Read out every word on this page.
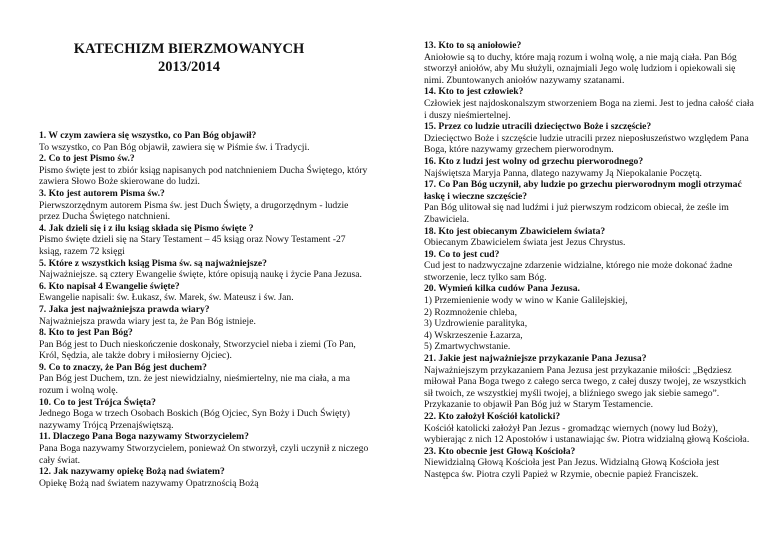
KATECHIZM BIERZMOWANYCH
2013/2014
1. W czym zawiera się wszystko, co Pan Bóg objawił?
To wszystko, co Pan Bóg objawił, zawiera się w Piśmie św. i Tradycji.
2. Co to jest Pismo św.?
Pismo święte jest to zbiór ksiąg napisanych pod natchnieniem Ducha Świętego, który zawiera Słowo Boże skierowane do ludzi.
3. Kto jest autorem Pisma św.?
Pierwszorzędnym autorem Pisma św. jest Duch Święty, a drugorzędnym - ludzie przez Ducha Świętego natchnieni.
4. Jak dzieli się i z ilu ksiąg składa się Pismo święte ?
Pismo święte dzieli się na Stary Testament – 45 ksiąg oraz Nowy Testament -27 ksiąg, razem 72 księgi
5. Które z wszystkich ksiąg Pisma św. są najważniejsze?
Najważniejsze. są cztery Ewangelie święte, które opisują naukę i życie Pana Jezusa.
6. Kto napisał 4 Ewangelie święte?
Ewangelie napisali: św. Łukasz, św. Marek, św. Mateusz i św. Jan.
7. Jaka jest najważniejsza prawda wiary?
Najważniejsza prawda wiary jest ta, że Pan Bóg istnieje.
8. Kto to jest Pan Bóg?
Pan Bóg jest to Duch nieskończenie doskonały, Stworzyciel nieba i ziemi (To Pan, Król, Sędzia, ale także dobry i miłosierny Ojciec).
9. Co to znaczy, że Pan Bóg jest duchem?
Pan Bóg jest Duchem, tzn. że jest niewidzialny, nieśmiertelny, nie ma ciała, a ma rozum i wolną wolę.
10. Co to jest Trójca Święta?
Jednego Boga w trzech Osobach Boskich (Bóg Ojciec, Syn Boży i Duch Święty) nazywamy Trójcą Przenajświętszą.
11. Dlaczego Pana Boga nazywamy Stworzycielem?
Pana Boga nazywamy Stworzycielem, ponieważ On stworzył, czyli uczynił z niczego cały świat.
12. Jak nazywamy opiekę Bożą nad światem?
Opiekę Bożą nad światem nazywamy Opatrznością Bożą
13. Kto to są aniołowie?
Aniołowie są to duchy, które mają rozum i wolną wolę, a nie mają ciała. Pan Bóg stworzył aniołów, aby Mu służyli, oznajmiali Jego wolę ludziom i opiekowali się nimi. Zbuntowanych aniołów nazywamy szatanami.
14. Kto to jest człowiek?
Człowiek jest najdoskonalszym stworzeniem Boga na ziemi. Jest to jedna całość ciała i duszy nieśmiertelnej.
15. Przez co ludzie utracili dziecięctwo Boże i szczęście?
Dziecięctwo Boże i szczęście ludzie utracili przez nieposłuszeństwo względem Pana Boga, które nazywamy grzechem pierworodnym.
16. Kto z ludzi jest wolny od grzechu pierworodnego?
Najświętsza Maryja Panna, dlatego nazywamy Ją Niepokalanie Poczętą.
17. Co Pan Bóg uczynił, aby ludzie po grzechu pierworodnym mogli otrzymać łaskę i wieczne szczęście?
Pan Bóg ulitował się nad ludźmi i już pierwszym rodzicom obiecał, że ześle im Zbawiciela.
18. Kto jest obiecanym Zbawicielem świata?
Obiecanym Zbawicielem świata jest Jezus Chrystus.
19. Co to jest cud?
Cud jest to nadzwyczajne zdarzenie widzialne, którego nie może dokonać żadne stworzenie, lecz tylko sam Bóg.
20. Wymień kilka cudów Pana Jezusa.
1) Przemienienie wody w wino w Kanie Galilejskiej,
2) Rozmnożenie chleba,
3) Uzdrowienie paralityka,
4) Wskrzeszenie Łazarza,
5) Zmartwychwstanie.
21. Jakie jest najważniejsze przykazanie Pana Jezusa?
Najważniejszym przykazaniem Pana Jezusa jest przykazanie miłości: „Będziesz miłował Pana Boga twego z całego serca twego, z całej duszy twojej, ze wszystkich sił twoich, ze wszystkiej myśli twojej, a bliźniego swego jak siebie samego”. Przykazanie to objawił Pan Bóg już w Starym Testamencie.
22. Kto założył Kościół katolicki?
Kościół katolicki założył Pan Jezus - gromadząc wiernych (nowy lud Boży), wybierając z nich 12 Apostołów i ustanawiając św. Piotra widzialną głową Kościoła.
23. Kto obecnie jest Głową Kościoła?
Niewidzialną Głową Kościoła jest Pan Jezus. Widzialną Głową Kościoła jest Następca św. Piotra czyli Papież w Rzymie, obecnie papież Franciszek.
